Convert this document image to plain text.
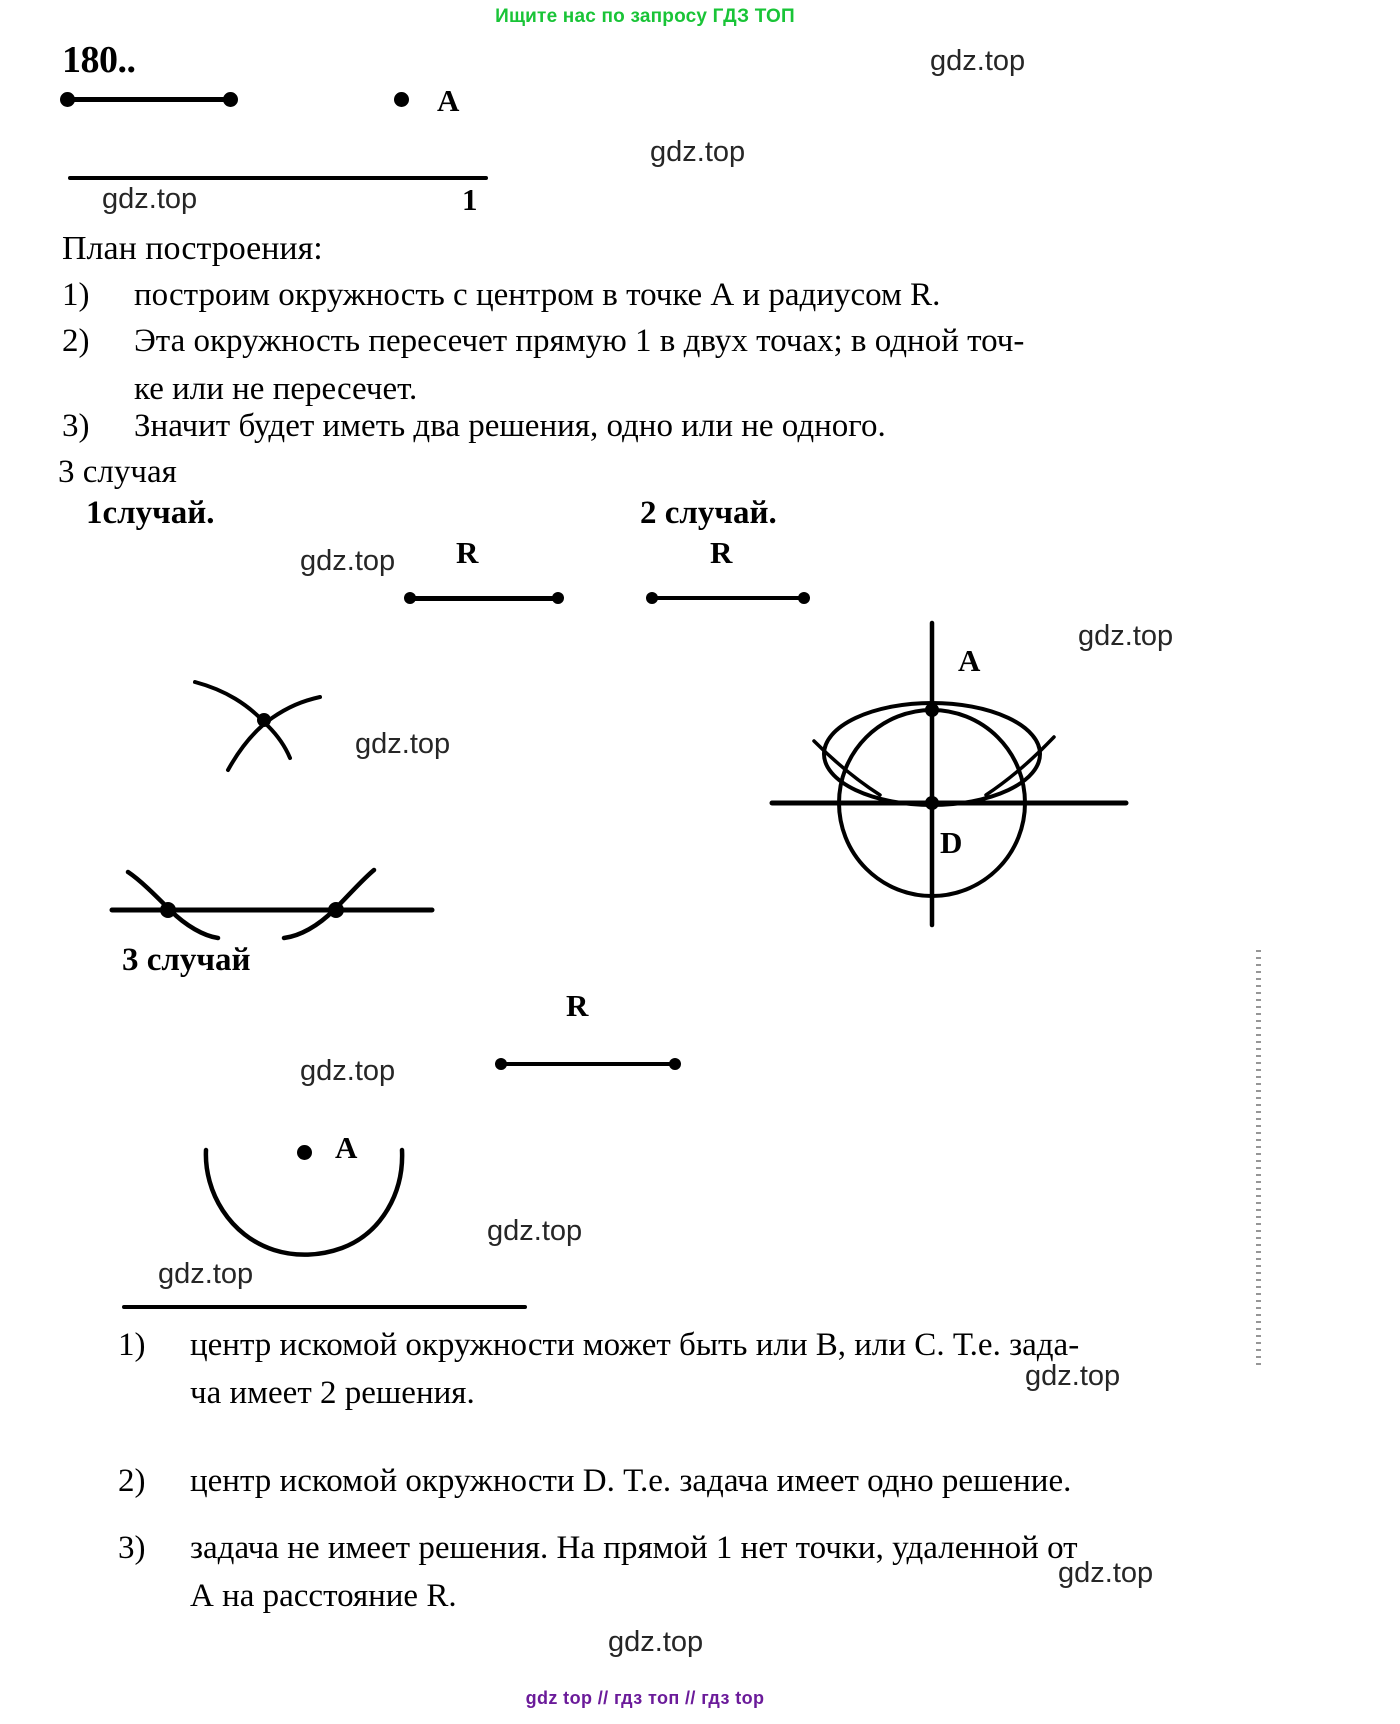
Ищите нас по запросу ГДЗ ТОП
gdz top // гдз топ // гдз top
180..
A
1
План построения:
1) построим окружность с центром в точке А и радиусом R.
2) Эта окружность пересечет прямую 1 в двух точах; в одной точ-
ке или не пересечет.
3) Значит будет иметь два решения, одно или не одного.
3 случая
1случай.	2 случай.
3 случай
R	R
A
D
R
A
1) центр искомой окружности может быть или В, или С. Т.е. зада-
ча имеет 2 решения.
2) центр искомой окружности D. Т.е. задача имеет одно решение.
3) задача не имеет решения. На прямой 1 нет точки, удаленной от
А на расстояние R.
gdz.top
gdz.top
gdz.top
gdz.top
gdz.top
gdz.top
gdz.top
gdz.top
gdz.top
gdz.top
gdz.top
gdz.top
